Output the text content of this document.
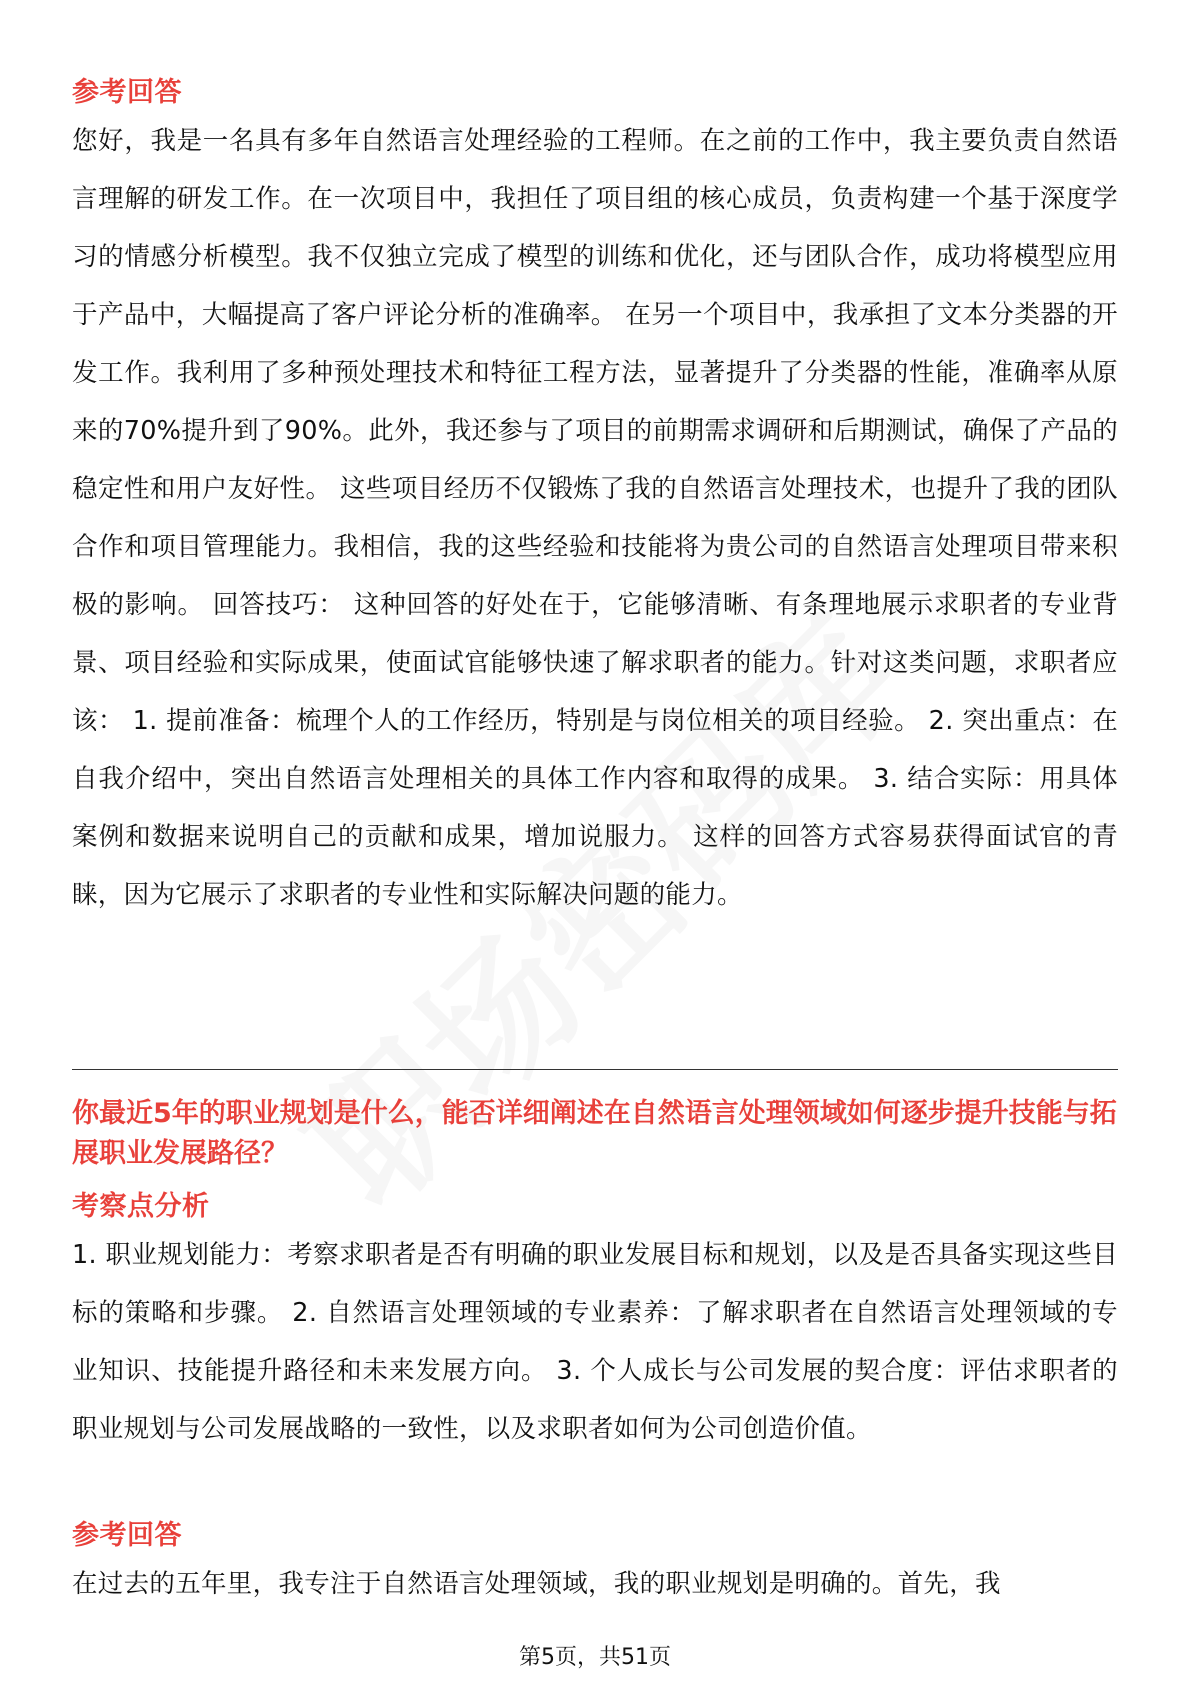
参考回答

您好，我是一名具有多年自然语言处理经验的工程师。在之前的工作中，我主要负责自然语言理解的研发工作。在一次项目中，我担任了项目组的核心成员，负责构建一个基于深度学习的情感分析模型。我不仅独立完成了模型的训练和优化，还与团队合作，成功将模型应用于产品中，大幅提高了客户评论分析的准确率。 在另一个项目中，我承担了文本分类器的开发工作。我利用了多种预处理技术和特征工程方法，显著提升了分类器的性能，准确率从原来的70%提升到了90%。此外，我还参与了项目的前期需求调研和后期测试，确保了产品的稳定性和用户友好性。 这些项目经历不仅锻炼了我的自然语言处理技术，也提升了我的团队合作和项目管理能力。我相信，我的这些经验和技能将为贵公司的自然语言处理项目带来积极的影响。 回答技巧： 这种回答的好处在于，它能够清晰、有条理地展示求职者的专业背景、项目经验和实际成果，使面试官能够快速了解求职者的能力。针对这类问题，求职者应该： 1. 提前准备：梳理个人的工作经历，特别是与岗位相关的项目经验。 2. 突出重点：在自我介绍中，突出自然语言处理相关的具体工作内容和取得的成果。 3. 结合实际：用具体案例和数据来说明自己的贡献和成果，增加说服力。 这样的回答方式容易获得面试官的青睐，因为它展示了求职者的专业性和实际解决问题的能力。

你最近5年的职业规划是什么，能否详细阐述在自然语言处理领域如何逐步提升技能与拓展职业发展路径？
考察点分析

1. 职业规划能力：考察求职者是否有明确的职业发展目标和规划，以及是否具备实现这些目标的策略和步骤。 2. 自然语言处理领域的专业素养：了解求职者在自然语言处理领域的专业知识、技能提升路径和未来发展方向。 3. 个人成长与公司发展的契合度：评估求职者的职业规划与公司发展战略的一致性，以及求职者如何为公司创造价值。

参考回答

在过去的五年里，我专注于自然语言处理领域，我的职业规划是明确的。首先，我

第5页，共51页
